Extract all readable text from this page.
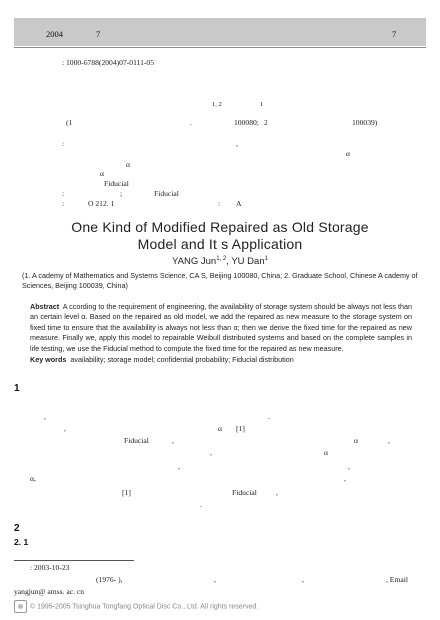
2004	7	7
: 1000-6788(2004)07-0111-05
1, 2	1
(1	.	100080; 2	100039)
:	,
α
α
α
Fiducial
:	;	Fiducial
:	O 212. 1	: A
One Kind of Modified Repaired as Old Storage
Model and It s Application
YANG Jun$^{1, 2}$, YU Dan$^1$
(1. A cademy of Mathematics and Systems Science, CA S, Beijing 100080, China; 2. Graduate School, Chinese A cademy of Sciences, Beijing 100039, China)
Abstract A ccording to the requirement of engineering, the availability of storage system should be always not less than an certain level α. Based on the repaired as old model, we add the repaired as new measure to the storage system on fixed time to ensure that the availability is always not less than α; then we derive the fixed time for the repaired as new measure. Finally we, apply this model to repairable Weibull distributed systems and based on the complete samples in life testing, we use the Fiducial method to compute the fixed time for the repaired as new measure.
Key words availability; storage model; confidential probability; Fiducial distribution
1
,	.
,	α [1]
Fiducial	,	α	,
,	α
,	,
α,	,
[1]	Fiducial	,
.
2
2. 1
: 2003-10-23
(1976- ),	,	,	, Email
yangjun@ amss. ac. cn
© 1995-2005 Tsinghua Tongfang Optical Disc Co., Ltd. All rights reserved.
